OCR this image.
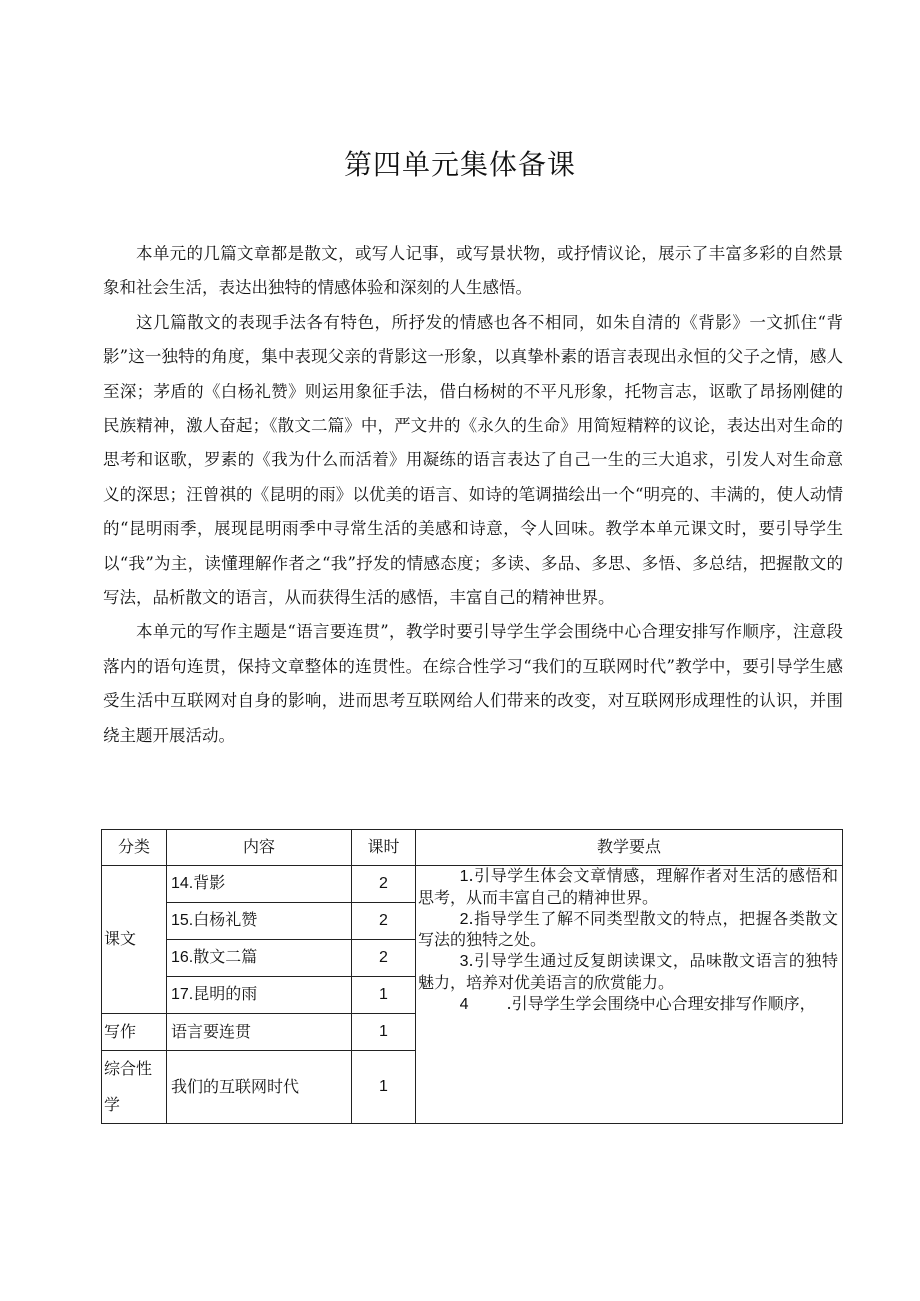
第四单元集体备课

本单元的几篇文章都是散文，或写人记事，或写景状物，或抒情议论，展示了丰富多彩的自然景象和社会生活，表达出独特的情感体验和深刻的人生感悟。

这几篇散文的表现手法各有特色，所抒发的情感也各不相同，如朱自清的《背影》一文抓住“背影”这一独特的角度，集中表现父亲的背影这一形象，以真挚朴素的语言表现出永恒的父子之情，感人至深；茅盾的《白杨礼赞》则运用象征手法，借白杨树的不平凡形象，托物言志，讴歌了昂扬刚健的民族精神，激人奋起；《散文二篇》中，严文井的《永久的生命》用简短精粹的议论，表达出对生命的思考和讴歌，罗素的《我为什么而活着》用凝练的语言表达了自己一生的三大追求，引发人对生命意义的深思；汪曾祺的《昆明的雨》以优美的语言、如诗的笔调描绘出一个“明亮的、丰满的，使人动情的“昆明雨季，展现昆明雨季中寻常生活的美感和诗意，令人回味。教学本单元课文时，要引导学生以“我”为主，读懂理解作者之“我”抒发的情感态度；多读、多品、多思、多悟、多总结，把握散文的写法，品析散文的语言，从而获得生活的感悟，丰富自己的精神世界。

本单元的写作主题是“语言要连贯”，教学时要引导学生学会围绕中心合理安排写作顺序，注意段落内的语句连贯，保持文章整体的连贯性。在综合性学习“我们的互联网时代”教学中，要引导学生感受生活中互联网对自身的影响，进而思考互联网给人们带来的改变，对互联网形成理性的认识，并围绕主题开展活动。

分类	内容	课时	教学要点
课文	14.背影	2	1.引导学生体会文章情感，理解作者对生活的感悟和思考，从而丰富自己的精神世界。

2.指导学生了解不同类型散文的特点，把握各类散文写法的独特之处。

3.引导学生通过反复朗读课文，品味散文语言的独特魅力，培养对优美语言的欣赏能力。

4 .引导学生学会围绕中心合理安排写作顺序，

	15.白杨礼赞	2	
	16.散文二篇	2	
	17.昆明的雨	1	
写作	语言要连贯	1	
综合性学	我们的互联网时代	1	
